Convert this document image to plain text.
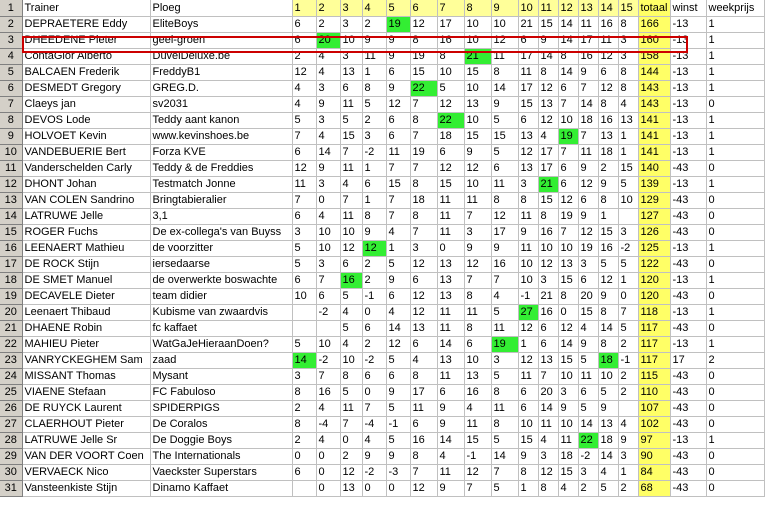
1	Trainer	Ploeg	1	2	3	4	5	6	7	8	9	10	11	12	13	14	15	totaal	winst	weekprijs
2	DEPRAETERE Eddy	EliteBoys	6	2	3	2	19	12	17	10	10	21	15	14	11	16	8	166	-13	1
3	DHEEDENE Pieter	geel-groen	6	20	10	9	9	8	16	10	12	6	9	14	17	11	3	160	-13	1
4	ContaGlor Alberto	DuvelDeluxe.be	2	4	3	11	9	19	8	21	11	17	14	8	16	12	3	158	-13	1
5	BALCAEN Frederik	FreddyB1	12	4	13	1	6	15	10	15	8	11	8	14	9	6	8	144	-13	1
6	DESMEDT Gregory	GREG.D.	4	3	6	8	9	22	5	10	14	17	12	6	7	12	8	143	-13	1
7	Claeys jan	sv2031	4	9	11	5	12	7	12	13	9	15	13	7	14	8	4	143	-13	0
8	DEVOS Lode	Teddy aant kanon	5	3	5	2	6	8	22	10	5	6	12	10	18	16	13	141	-13	1
9	HOLVOET Kevin	www.kevinshoes.be	7	4	15	3	6	7	18	15	15	13	4	19	7	13	1	141	-13	1
10	VANDEBUERIE Bert	Forza KVE	6	14	7	-2	11	19	6	9	5	12	17	7	11	18	1	141	-13	1
11	Vanderschelden Carly	Teddy & de Freddies	12	9	11	1	7	7	12	12	6	13	17	6	9	2	15	140	-43	0
12	DHONT Johan	Testmatch Jonne	11	3	4	6	15	8	15	10	11	3	21	6	12	9	5	139	-13	1
13	VAN COLEN Sandrino	Bringtabieralier	7	0	7	1	7	18	11	11	8	8	15	12	6	8	10	129	-43	0
14	LATRUWE Jelle	3,1	6	4	11	8	7	8	11	7	12	11	8	19	9	1		127	-43	0
15	ROGER Fuchs	De ex-collega's van Buyss	3	10	10	9	4	7	11	3	17	9	16	7	12	15	3	126	-43	0
16	LEENAERT Mathieu	de voorzitter	5	10	12	12	1	3	0	9	9	11	10	10	19	16	-2	125	-13	1
17	DE ROCK Stijn	iersedaarse	5	3	6	2	5	12	13	12	16	10	12	13	3	5	5	122	-43	0
18	DE SMET Manuel	de overwerkte boswachte	6	7	16	2	9	6	13	7	7	10	3	15	6	12	1	120	-13	1
19	DECAVELE Dieter	team didier	10	6	5	-1	6	12	13	8	4	-1	21	8	20	9	0	120	-43	0
20	Leenaert Thibaud	Kubisme van zwaardvis		-2	4	0	4	12	11	11	5	27	16	0	15	8	7	118	-13	1
21	DHAENE Robin	fc kaffaet			5	6	14	13	11	8	11	12	6	12	4	14	5	117	-43	0
22	MAHIEU Pieter	WatGaJeHieraanDoen?	5	10	4	2	12	6	14	6	19	1	6	14	9	8	2	117	-13	1
23	VANRYCKEGHEM Sam	zaad	14	-2	10	-2	5	4	13	10	3	12	13	15	5	18	-1	117	17	2
24	MISSANT Thomas	Mysant	3	7	8	6	6	8	11	13	5	11	7	10	11	10	2	115	-43	0
25	VIAENE Stefaan	FC Fabuloso	8	16	5	0	9	17	6	16	8	6	20	3	6	5	2	110	-43	0
26	DE RUYCK Laurent	SPIDERPIGS	2	4	11	7	5	11	9	4	11	6	14	9	5	9		107	-43	0
27	CLAERHOUT Pieter	De Coralos	8	-4	7	-4	-1	6	9	11	8	10	11	10	14	13	4	102	-43	0
28	LATRUWE Jelle Sr	De Doggie Boys	2	4	0	4	5	16	14	15	5	15	4	11	22	18	9	97	-13	1
29	VAN DER VOORT Coen	The Internationals	0	0	2	9	9	8	4	-1	14	9	3	18	-2	14	3	90	-43	0
30	VERVAECK Nico	Vaeckster Superstars	6	0	12	-2	-3	7	11	12	7	8	12	15	3	4	1	84	-43	0
31	Vansteenkiste Stijn	Dinamo Kaffaet		0	13	0	0	12	9	7	5	1	8	4	2	5	2	68	-43	0
